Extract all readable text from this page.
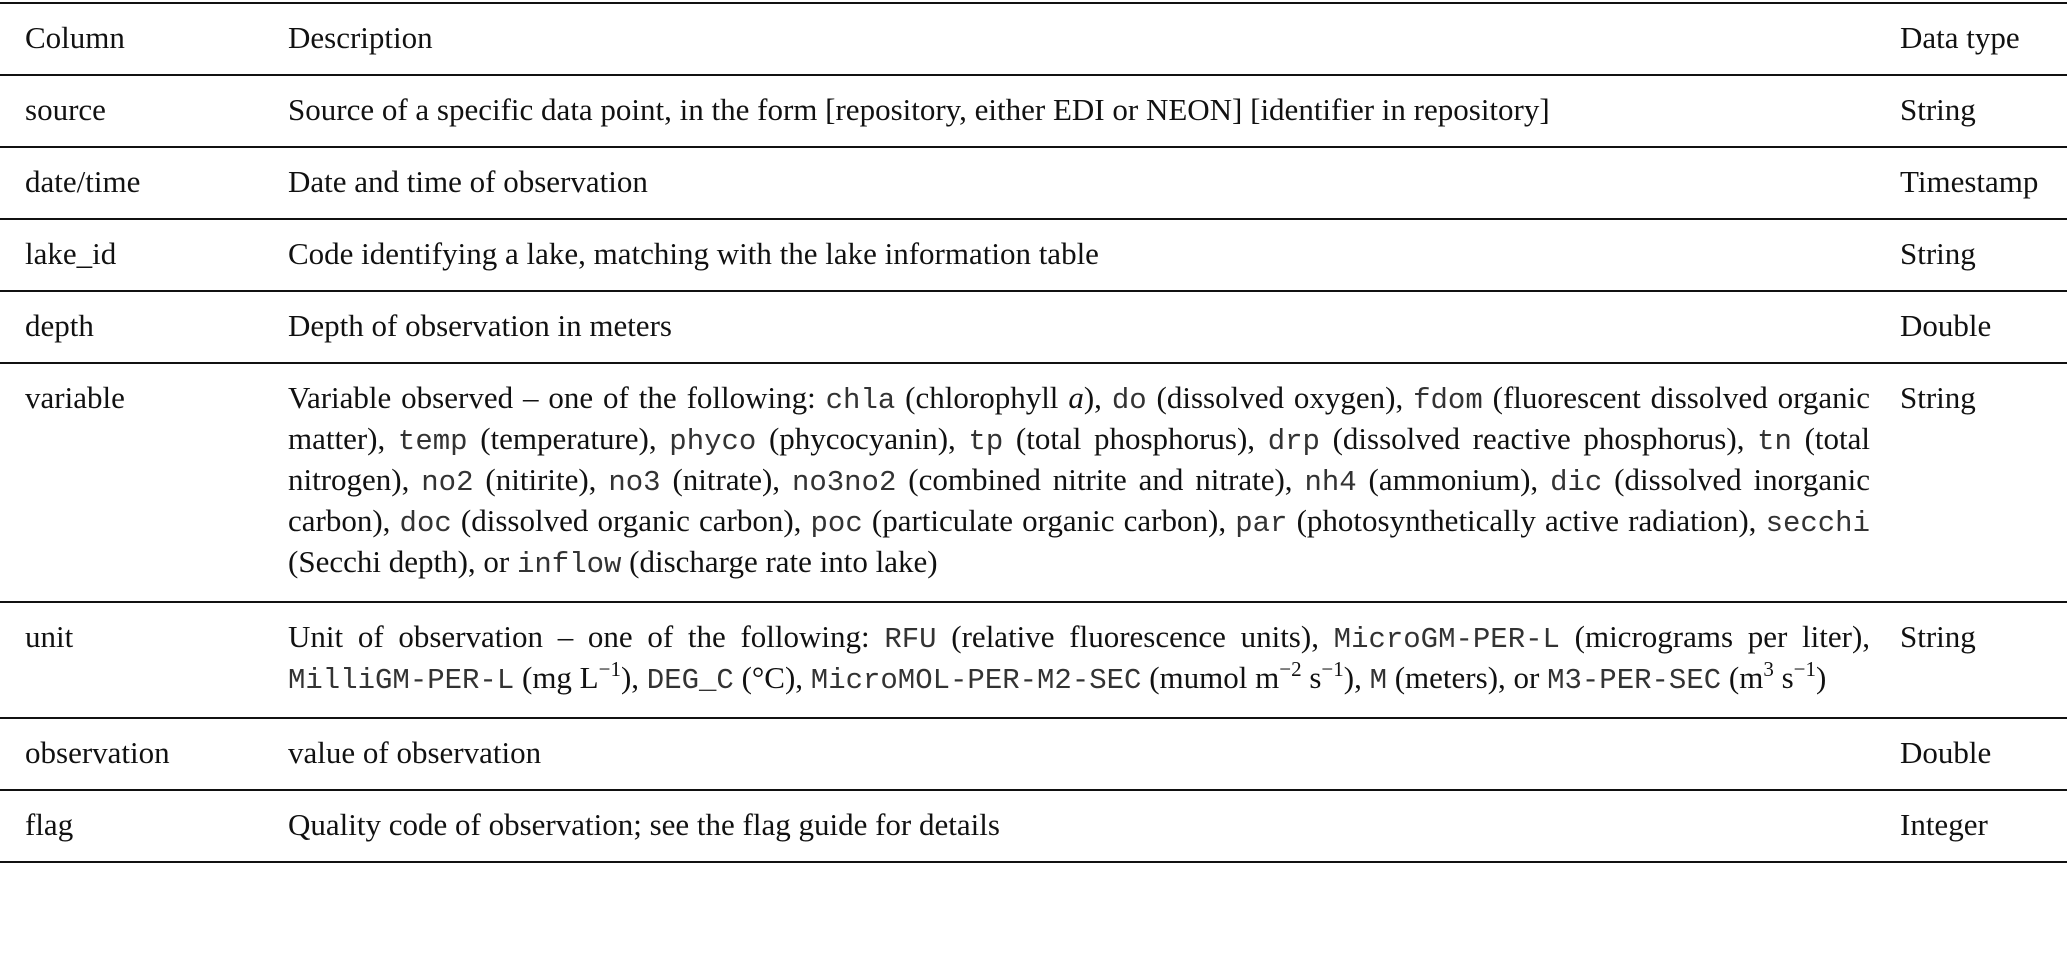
Column	Description	Data type
source	Source of a specific data point, in the form [repository, either EDI or NEON] [identifier in repository]	String
date/time	Date and time of observation	Timestamp
lake_id	Code identifying a lake, matching with the lake information table	String
depth	Depth of observation in meters	Double
variable	Variable observed – one of the following: chla (chlorophyll a), do (dissolved oxygen), fdom (fluorescent dissolved organic matter), temp (temperature), phyco (phycocyanin), tp (total phosphorus), drp (dissolved reactive phosphorus), tn (total nitrogen), no2 (nitirite), no3 (nitrate), no3no2 (combined nitrite and nitrate), nh4 (ammonium), dic (dissolved inorganic carbon), doc (dissolved organic carbon), poc (particulate organic carbon), par (photosynthetically active radiation), secchi (Secchi depth), or inflow (discharge rate into lake)	String
unit	Unit of observation – one of the following: RFU (relative fluorescence units), MicroGM-PER-L (micrograms per liter), MilliGM-PER-L (mg $L^{-1}$), DEG_C (°C), MicroMOL-PER-M2-SEC (mumol $m^{-2}$ $s^{-1}$), M (meters), or M3-PER-SEC ($m^3$ $s^{-1}$)	String
observation	value of observation	Double
flag	Quality code of observation; see the flag guide for details	Integer
